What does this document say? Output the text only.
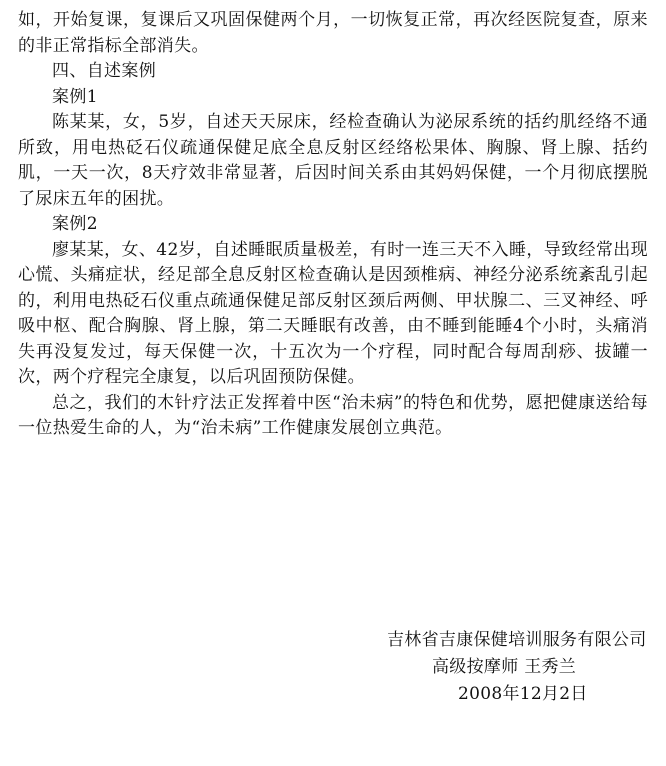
如，开始复课，复课后又巩固保健两个月，一切恢复正常，再次经医院复查，原来的非正常指标全部消失。

四、自述案例

案例1

陈某某，女，5岁，自述天天尿床，经检查确认为泌尿系统的括约肌经络不通所致，用电热砭石仪疏通保健足底全息反射区经络松果体、胸腺、肾上腺、括约肌，一天一次，8天疗效非常显著，后因时间关系由其妈妈保健，一个月彻底摆脱了尿床五年的困扰。

案例2

廖某某，女、42岁，自述睡眠质量极差，有时一连三天不入睡，导致经常出现心慌、头痛症状，经足部全息反射区检查确认是因颈椎病、神经分泌系统紊乱引起的，利用电热砭石仪重点疏通保健足部反射区颈后两侧、甲状腺二、三叉神经、呼吸中枢、配合胸腺、肾上腺，第二天睡眠有改善，由不睡到能睡4个小时，头痛消失再没复发过，每天保健一次，十五次为一个疗程，同时配合每周刮痧、拔罐一次，两个疗程完全康复，以后巩固预防保健。

总之，我们的木针疗法正发挥着中医“治未病”的特色和优势，愿把健康送给每一位热爱生命的人，为“治未病”工作健康发展创立典范。

吉林省吉康保健培训服务有限公司
高级按摩师 王秀兰
2008年12月2日
